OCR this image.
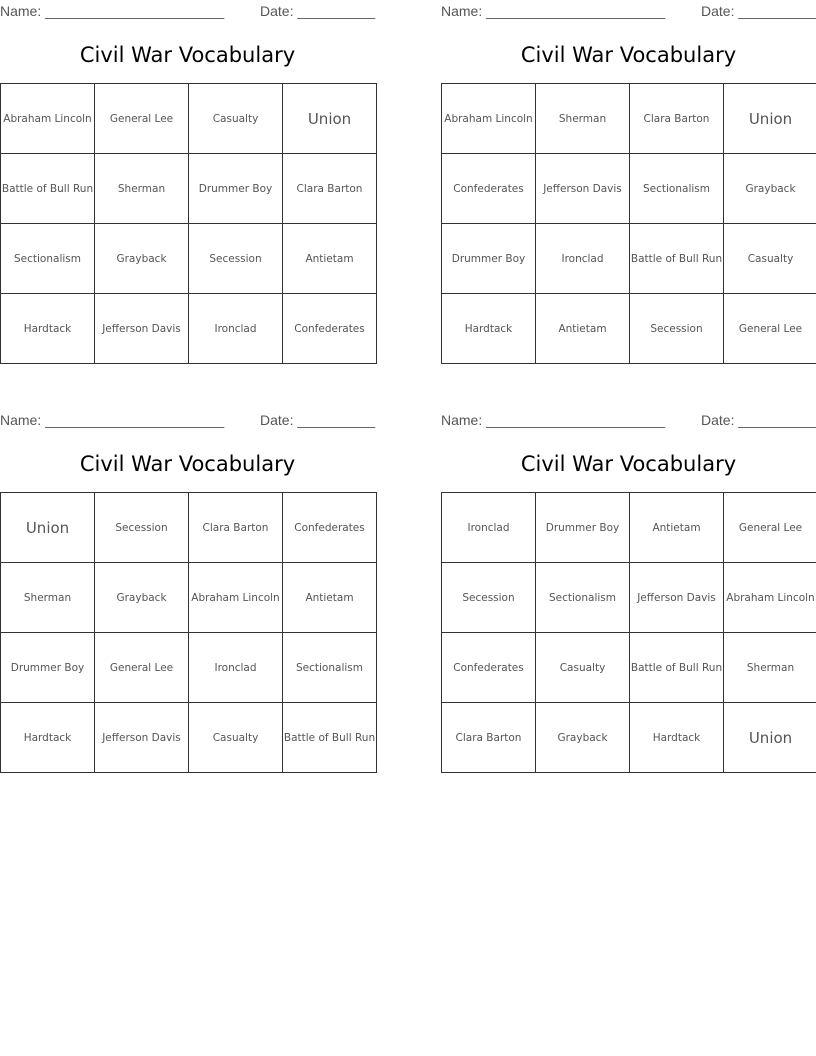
Name: _______________________	Date: __________
Civil War Vocabulary
Abraham Lincoln	General Lee	Casualty	Union
Battle of Bull Run	Sherman	Drummer Boy	Clara Barton
Sectionalism	Grayback	Secession	Antietam
Hardtack	Jefferson Davis	Ironclad	Confederates
Name: _______________________	Date: __________
Civil War Vocabulary
Abraham Lincoln	Sherman	Clara Barton	Union
Confederates	Jefferson Davis	Sectionalism	Grayback
Drummer Boy	Ironclad	Battle of Bull Run	Casualty
Hardtack	Antietam	Secession	General Lee
Name: _______________________	Date: __________
Civil War Vocabulary
Union	Secession	Clara Barton	Confederates
Sherman	Grayback	Abraham Lincoln	Antietam
Drummer Boy	General Lee	Ironclad	Sectionalism
Hardtack	Jefferson Davis	Casualty	Battle of Bull Run
Name: _______________________	Date: __________
Civil War Vocabulary
Ironclad	Drummer Boy	Antietam	General Lee
Secession	Sectionalism	Jefferson Davis	Abraham Lincoln
Confederates	Casualty	Battle of Bull Run	Sherman
Clara Barton	Grayback	Hardtack	Union
